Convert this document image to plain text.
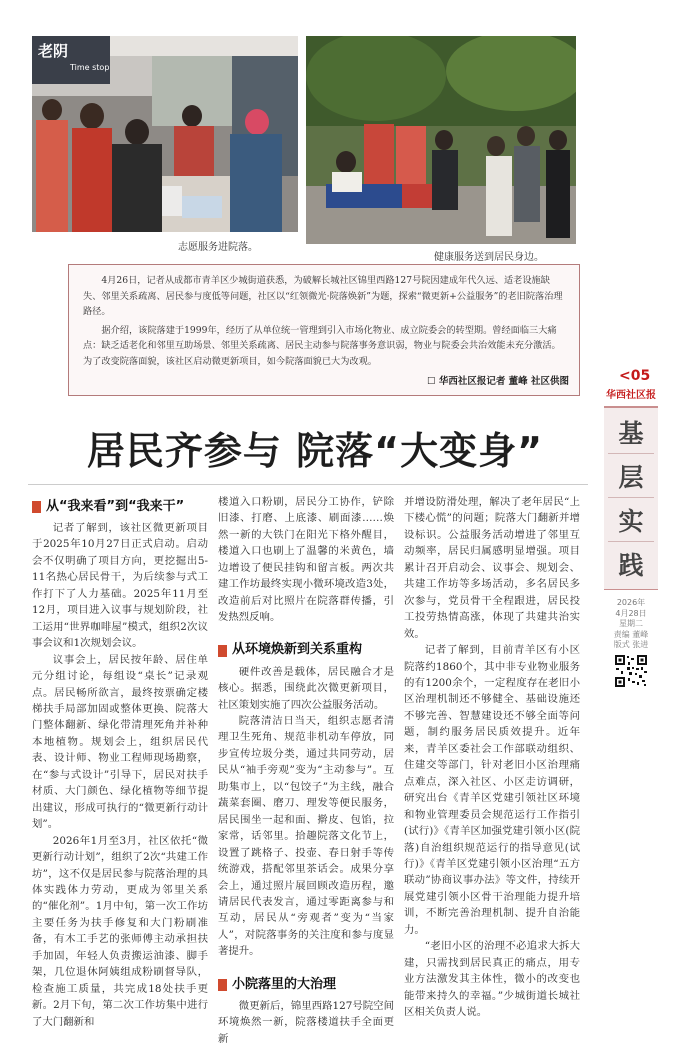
老阴
Time stop
志愿服务进院落。
健康服务送到居民身边。

4月26日，记者从成都市青羊区少城街道获悉，为破解长城社区锦里西路127号院因建成年代久远、适老设施缺失、邻里关系疏离、居民参与度低等问题，社区以“红领微光·院落焕新”为题，探索“微更新+公益服务”的老旧院落治理路径。

据介绍，该院落建于1999年，经历了从单位统一管理到引入市场化物业、成立院委会的转型期。曾经面临三大痛点：缺乏适老化和邻里互助场景、邻里关系疏离、居民主动参与院落事务意识弱，物业与院委会共治效能未充分激活。为了改变院落面貌，该社区启动微更新项目，如今院落面貌已大为改观。

☐ 华西社区报记者 董峰 社区供图	<05
华西社区报
基
层
实
践
2026年
4月28日
星期二
责编 董峰
版式 张进
居民齐参与 院落“大变身”
从“我来看”到“我来干”

记者了解到，该社区微更新项目于2025年10月27日正式启动。启动会不仅明确了项目方向，更挖掘出5-11名热心居民骨干，为后续参与式工作打下了人力基础。2025年11月至12月，项目进入议事与规划阶段，社工运用“世界咖啡屋”模式，组织2次议事会议和1次规划会议。

议事会上，居民按年龄、居住单元分组讨论，每组设“桌长”记录观点。居民畅所欲言，最终按票确定楼梯扶手局部加固或整体更换、院落大门整体翻新、绿化带清理死角并补种本地植物。规划会上，组织居民代表、设计师、物业工程师现场勘察，在“参与式设计”引导下，居民对扶手材质、大门颜色、绿化植物等细节提出建议，形成可执行的“微更新行动计划”。

2026年1月至3月，社区依托“微更新行动计划”，组织了2次“共建工作坊”，这不仅是居民参与院落治理的具体实践体力劳动，更成为邻里关系的“催化剂”。1月中旬，第一次工作坊主要任务为扶手修复和大门粉刷准备，有木工手艺的张师傅主动承担扶手加固，年轻人负责搬运油漆、脚手架，几位退休阿姨组成粉刷督导队，检查施工质量，共完成18处扶手更新。2月下旬，第二次工作坊集中进行了大门翻新和

楼道入口粉刷，居民分工协作，铲除旧漆、打磨、上底漆、刷面漆……焕然一新的大铁门在阳光下格外醒目，楼道入口也刷上了温馨的米黄色，墙边增设了便民挂钩和留言板。两次共建工作坊最终实现小微环境改造3处，改造前后对比照片在院落群传播，引发热烈反响。

从环境焕新到关系重构

硬件改善是载体，居民融合才是核心。据悉，围绕此次微更新项目，社区策划实施了四次公益服务活动。

院落清洁日当天，组织志愿者清理卫生死角、规范非机动车停放，同步宣传垃圾分类，通过共同劳动，居民从“袖手旁观”变为“主动参与”。互助集市上，以“包饺子”为主线，融合蔬菜套圈、磨刀、理发等便民服务，居民围坐一起和面、擀皮、包馅，拉家常，话邻里。拾趣院落文化节上，设置了跳格子、投壶、春日射手等传统游戏，搭配邻里茶话会。成果分享会上，通过照片展回顾改造历程，邀请居民代表发言，通过零距离参与和互动，居民从“旁观者”变为“当家人”，对院落事务的关注度和参与度显著提升。

小院落里的大治理

微更新后，锦里西路127号院空间环境焕然一新，院落楼道扶手全面更新

并增设防滑处理，解决了老年居民“上下楼心慌”的问题；院落大门翻新并增设标识。公益服务活动增进了邻里互动频率，居民归属感明显增强。项目累计召开启动会、议事会、规划会、共建工作坊等多场活动，多名居民多次参与，党员骨干全程跟进，居民投工投劳热情高涨，体现了共建共治实效。

记者了解到，目前青羊区有小区院落约1860个，其中非专业物业服务的有1200余个，一定程度存在老旧小区治理机制还不够健全、基础设施还不够完善、智慧建设还不够全面等问题，制约服务居民质效提升。近年来，青羊区委社会工作部联动组织、住建交等部门，针对老旧小区治理痛点难点，深入社区、小区走访调研，研究出台《青羊区党建引领社区环境和物业管理委员会规范运行工作指引(试行)》《青羊区加强党建引领小区(院落)自治组织规范运行的指导意见(试行)》《青羊区党建引领小区治理“五方联动”协商议事办法》等文件，持续开展党建引领小区骨干治理能力提升培训，不断完善治理机制、提升自治能力。

“老旧小区的治理不必追求大拆大建，只需找到居民真正的痛点，用专业方法激发其主体性，微小的改变也能带来持久的幸福。”少城街道长城社区相关负责人说。
